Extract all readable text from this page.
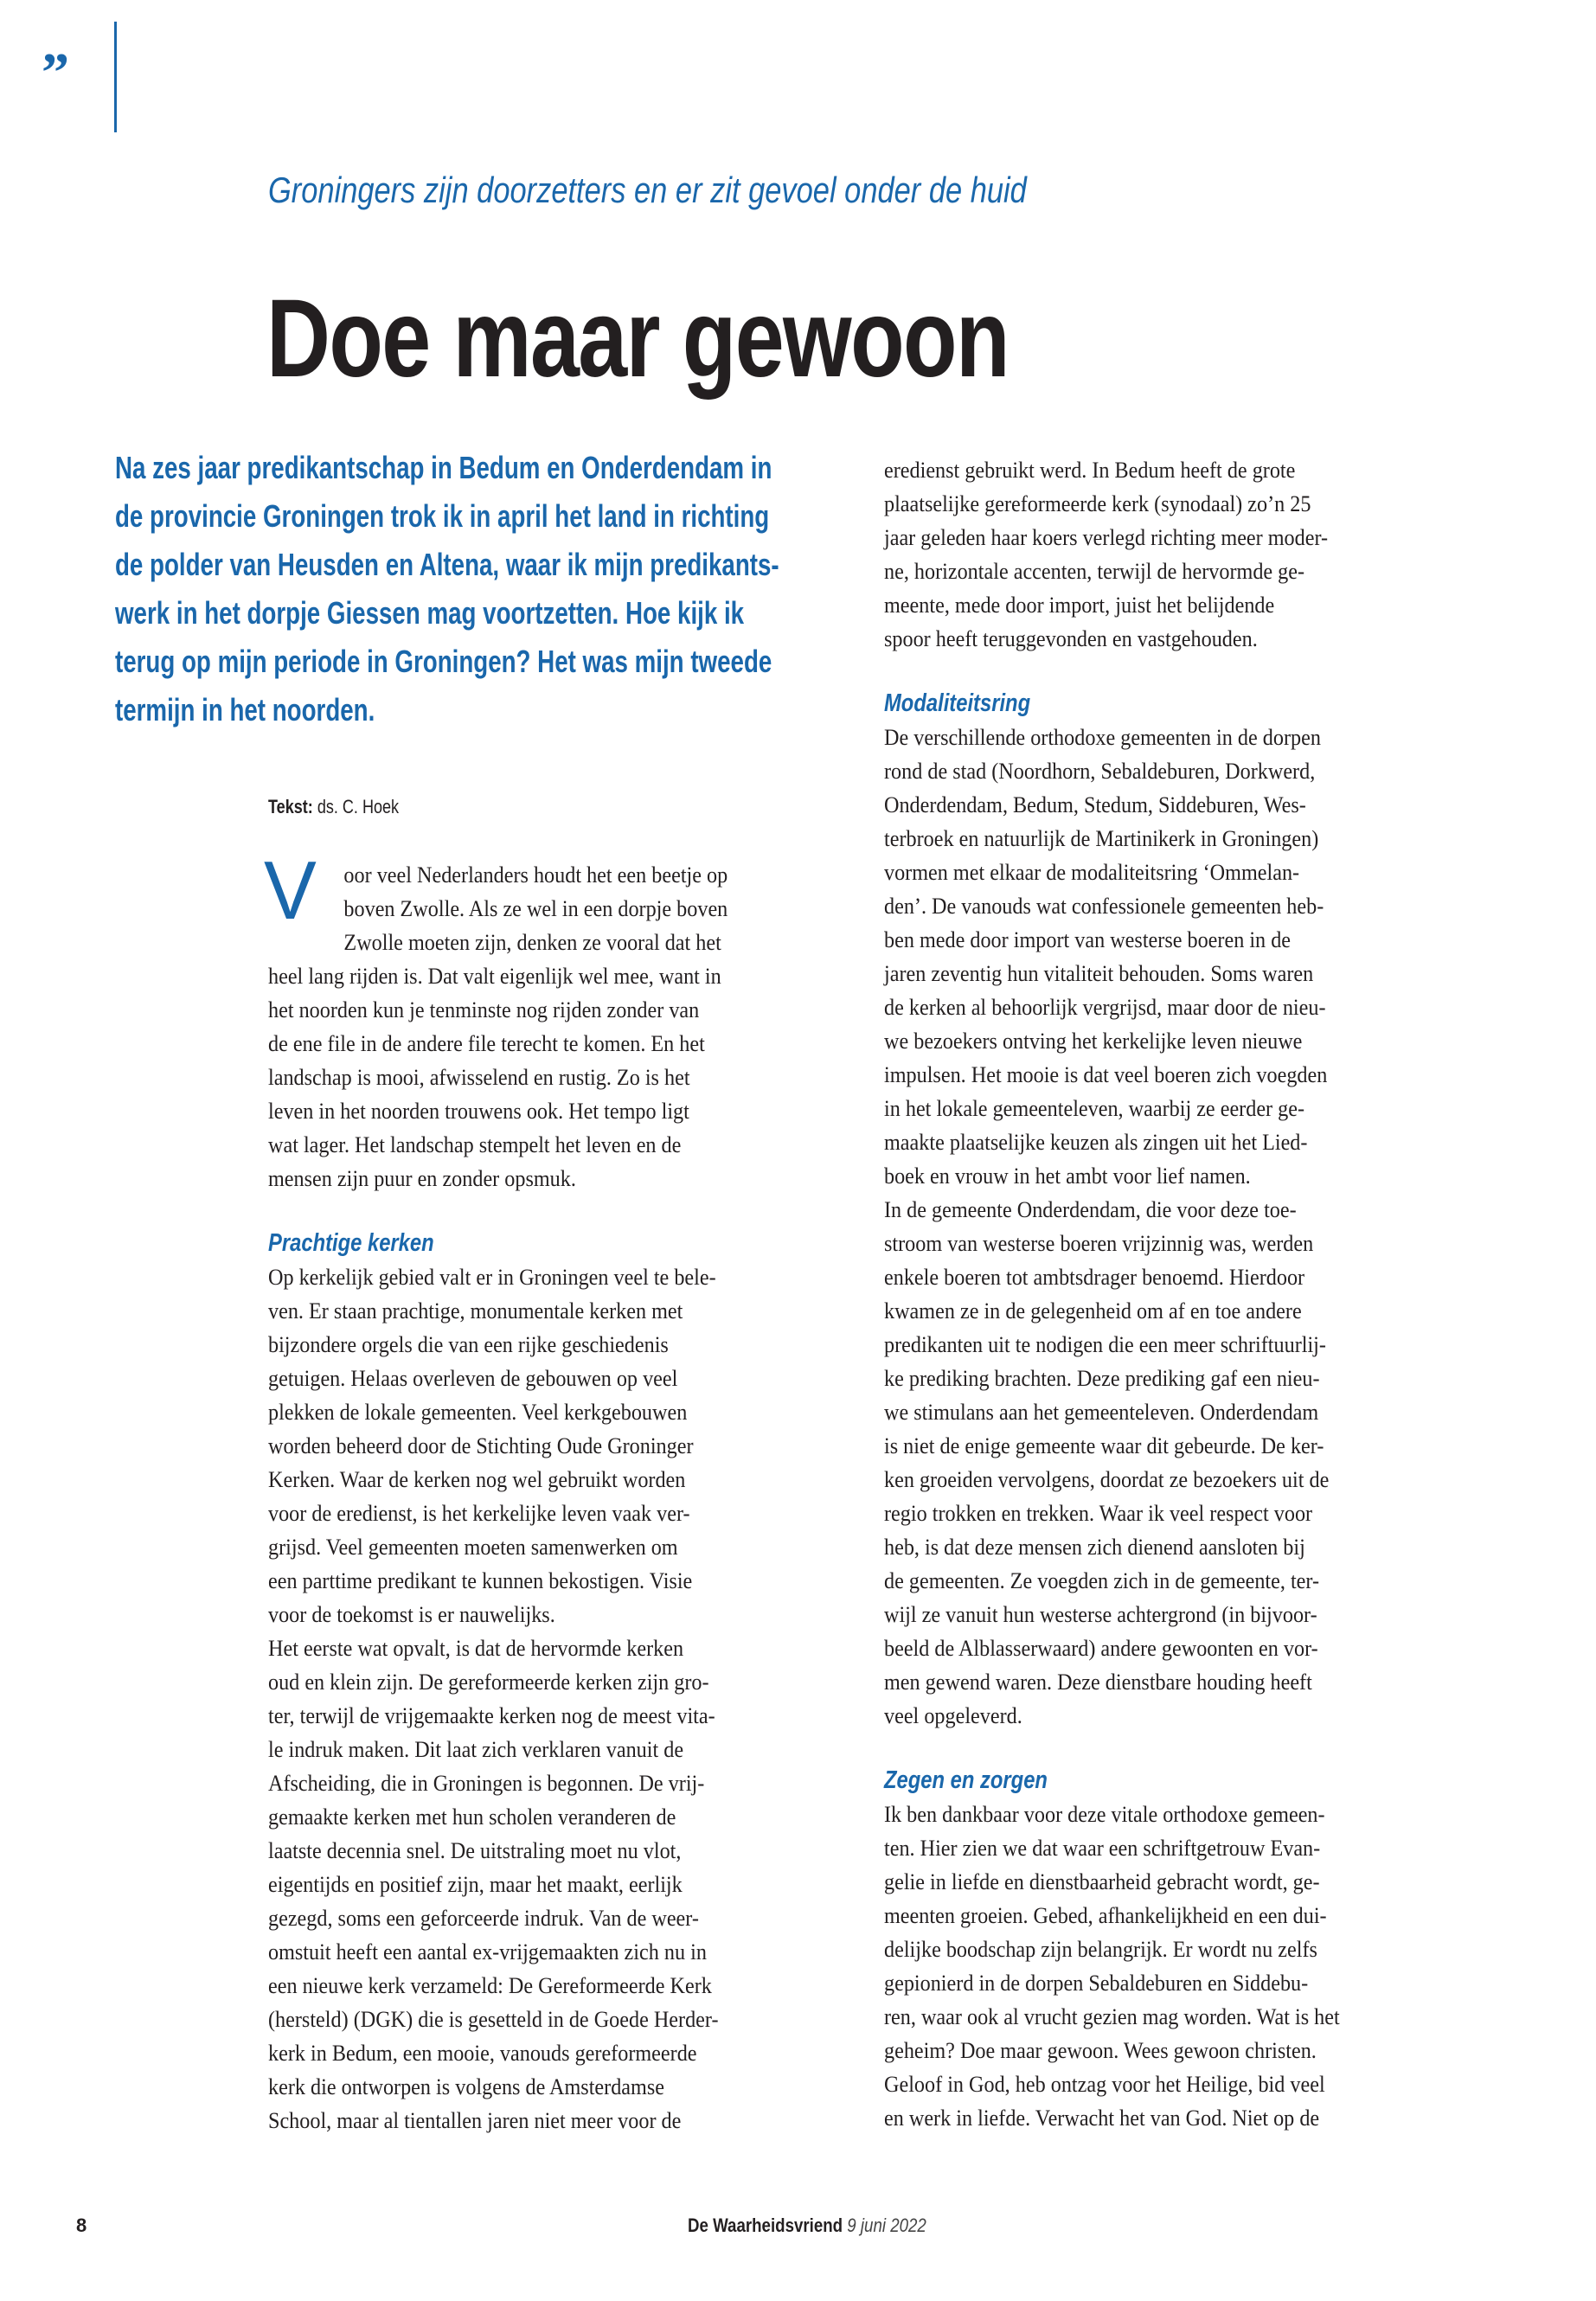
”
Groningers zijn doorzetters en er zit gevoel onder de huid
Doe maar gewoon
Na zes jaar predikantschap in Bedum en Onderdendam in
de provincie Groningen trok ik in april het land in richting
de polder van Heusden en Altena, waar ik mijn predikants-
werk in het dorpje Giessen mag voortzetten. Hoe kijk ik
terug op mijn periode in Groningen? Het was mijn tweede
termijn in het noorden.
Tekst: ds. C. Hoek
V	oor veel Nederlanders houdt het een beetje op
boven Zwolle. Als ze wel in een dorpje boven
Zwolle moeten zijn, denken ze vooral dat het
heel lang rijden is. Dat valt eigenlijk wel mee, want in
het noorden kun je tenminste nog rijden zonder van
de ene file in de andere file terecht te komen. En het
landschap is mooi, afwisselend en rustig. Zo is het
leven in het noorden trouwens ook. Het tempo ligt
wat lager. Het landschap stempelt het leven en de
mensen zijn puur en zonder opsmuk.
Prachtige kerken
Op kerkelijk gebied valt er in Groningen veel te bele-
ven. Er staan prachtige, monumentale kerken met
bijzondere orgels die van een rijke geschiedenis
getuigen. Helaas overleven de gebouwen op veel
plekken de lokale gemeenten. Veel kerkgebouwen
worden beheerd door de Stichting Oude Groninger
Kerken. Waar de kerken nog wel gebruikt worden
voor de eredienst, is het kerkelijke leven vaak ver-
grijsd. Veel gemeenten moeten samenwerken om
een parttime predikant te kunnen bekostigen. Visie
voor de toekomst is er nauwelijks.
Het eerste wat opvalt, is dat de hervormde kerken
oud en klein zijn. De gereformeerde kerken zijn gro-
ter, terwijl de vrijgemaakte kerken nog de meest vita-
le indruk maken. Dit laat zich verklaren vanuit de
Afscheiding, die in Groningen is begonnen. De vrij-
gemaakte kerken met hun scholen veranderen de
laatste decennia snel. De uitstraling moet nu vlot,
eigentijds en positief zijn, maar het maakt, eerlijk
gezegd, soms een geforceerde indruk. Van de weer-
omstuit heeft een aantal ex-vrijgemaakten zich nu in
een nieuwe kerk verzameld: De Gereformeerde Kerk
(hersteld) (DGK) die is gesetteld in de Goede Herder-
kerk in Bedum, een mooie, vanouds gereformeerde
kerk die ontworpen is volgens de Amsterdamse
School, maar al tientallen jaren niet meer voor de
eredienst gebruikt werd. In Bedum heeft de grote
plaatselijke gereformeerde kerk (synodaal) zo’n 25
jaar geleden haar koers verlegd richting meer moder-
ne, horizontale accenten, terwijl de hervormde ge-
meente, mede door import, juist het belijdende
spoor heeft teruggevonden en vastgehouden.
Modaliteitsring
De verschillende orthodoxe gemeenten in de dorpen
rond de stad (Noordhorn, Sebaldeburen, Dorkwerd,
Onderdendam, Bedum, Stedum, Siddeburen, Wes-
terbroek en natuurlijk de Martinikerk in Groningen)
vormen met elkaar de modaliteitsring ‘Ommelan-
den’. De vanouds wat confessionele gemeenten heb-
ben mede door import van westerse boeren in de
jaren zeventig hun vitaliteit behouden. Soms waren
de kerken al behoorlijk vergrijsd, maar door de nieu-
we bezoekers ontving het kerkelijke leven nieuwe
impulsen. Het mooie is dat veel boeren zich voegden
in het lokale gemeenteleven, waarbij ze eerder ge-
maakte plaatselijke keuzen als zingen uit het Lied-
boek en vrouw in het ambt voor lief namen.
In de gemeente Onderdendam, die voor deze toe-
stroom van westerse boeren vrijzinnig was, werden
enkele boeren tot ambtsdrager benoemd. Hierdoor
kwamen ze in de gelegenheid om af en toe andere
predikanten uit te nodigen die een meer schriftuurlij-
ke prediking brachten. Deze prediking gaf een nieu-
we stimulans aan het gemeenteleven. Onderdendam
is niet de enige gemeente waar dit gebeurde. De ker-
ken groeiden vervolgens, doordat ze bezoekers uit de
regio trokken en trekken. Waar ik veel respect voor
heb, is dat deze mensen zich dienend aansloten bij
de gemeenten. Ze voegden zich in de gemeente, ter-
wijl ze vanuit hun westerse achtergrond (in bijvoor-
beeld de Alblasserwaard) andere gewoonten en vor-
men gewend waren. Deze dienstbare houding heeft
veel opgeleverd.
Zegen en zorgen
Ik ben dankbaar voor deze vitale orthodoxe gemeen-
ten. Hier zien we dat waar een schriftgetrouw Evan-
gelie in liefde en dienstbaarheid gebracht wordt, ge-
meenten groeien. Gebed, afhankelijkheid en een dui-
delijke boodschap zijn belangrijk. Er wordt nu zelfs
gepionierd in de dorpen Sebaldeburen en Siddebu-
ren, waar ook al vrucht gezien mag worden. Wat is het
geheim? Doe maar gewoon. Wees gewoon christen.
Geloof in God, heb ontzag voor het Heilige, bid veel
en werk in liefde. Verwacht het van God. Niet op de
8	De Waarheidsvriend 9 juni 2022
